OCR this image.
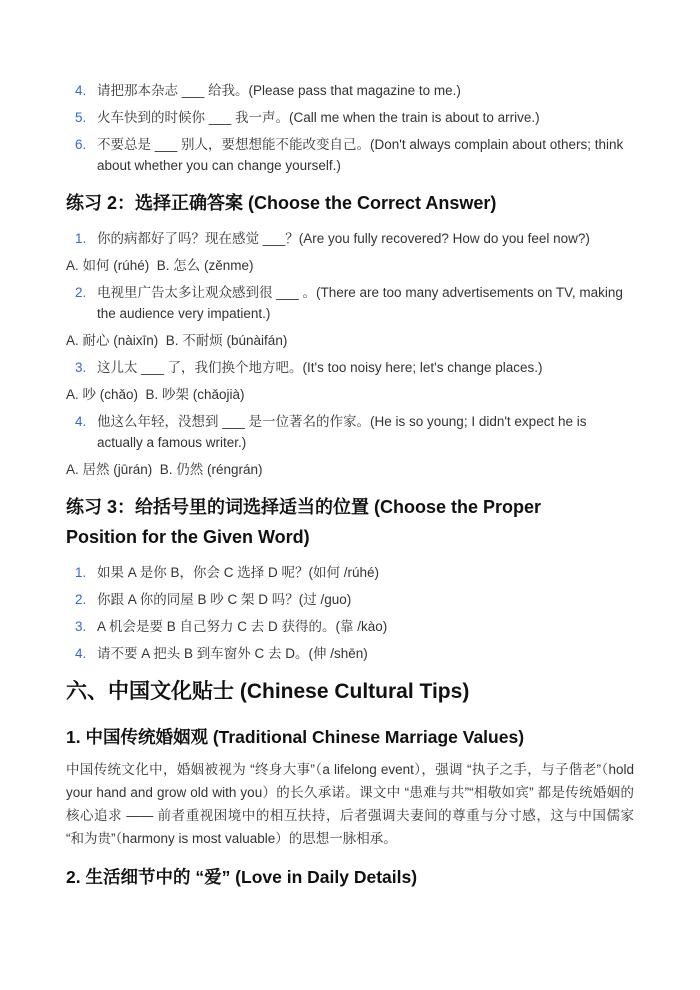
4. 请把那本杂志 ___ 给我。(Please pass that magazine to me.)
5. 火车快到的时候你 ___ 我一声。(Call me when the train is about to arrive.)
6. 不要总是 ___ 别人，要想想能不能改变自己。(Don't always complain about others; think about whether you can change yourself.)
练习 2：选择正确答案 (Choose the Correct Answer)
1. 你的病都好了吗？现在感觉 ___？(Are you fully recovered? How do you feel now?)
A. 如何 (rúhé)  B. 怎么 (zěnme)
2. 电视里广告太多让观众感到很 ___ 。(There are too many advertisements on TV, making the audience very impatient.)
A. 耐心 (nàixīn)  B. 不耐烦 (búnàifán)
3. 这儿太 ___ 了，我们换个地方吧。(It's too noisy here; let's change places.)
A. 吵 (chǎo)  B. 吵架 (chǎojià)
4. 他这么年轻，没想到 ___ 是一位著名的作家。(He is so young; I didn't expect he is actually a famous writer.)
A. 居然 (jūrán)  B. 仍然 (réngrán)
练习 3：给括号里的词选择适当的位置 (Choose the Proper Position for the Given Word)
1. 如果 A 是你 B，你会 C 选择 D 呢？(如何 /rúhé)
2. 你跟 A 你的同屋 B 吵 C 架 D 吗？(过 /guo)
3. A 机会是要 B 自己努力 C 去 D 获得的。(靠 /kào)
4. 请不要 A 把头 B 到车窗外 C 去 D。(伸 /shēn)
六、中国文化贴士 (Chinese Cultural Tips)
1. 中国传统婚姻观 (Traditional Chinese Marriage Values)

中国传统文化中，婚姻被视为 “终身大事”（a lifelong event），强调 “执子之手，与子偕老”（hold your hand and grow old with you）的长久承诺。课文中 “患难与共”“相敬如宾” 都是传统婚姻的核心追求 —— 前者重视困境中的相互扶持，后者强调夫妻间的尊重与分寸感，这与中国儒家 “和为贵”（harmony is most valuable）的思想一脉相承。

2. 生活细节中的 “爱” (Love in Daily Details)
